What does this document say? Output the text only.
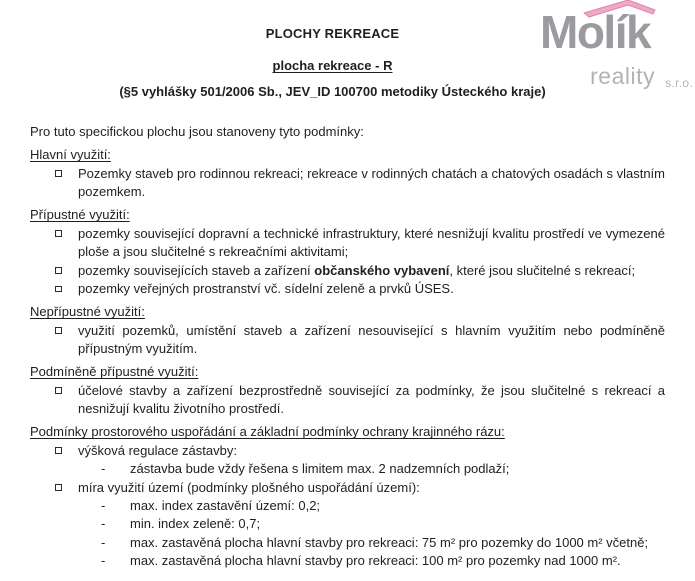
Molík
reality s.r.o.
PLOCHY REKREACE
plocha rekreace - R
(§5 vyhlášky 501/2006 Sb., JEV_ID 100700 metodiky Ústeckého kraje)

Pro tuto specifickou plochu jsou stanoveny tyto podmínky:

Hlavní využití:
Pozemky staveb pro rodinnou rekreaci; rekreace v rodinných chatách a chatových osadách s vlastním pozemkem.
Přípustné využití:
pozemky související dopravní a technické infrastruktury, které nesnižují kvalitu prostředí ve vymezené ploše a jsou slučitelné s rekreačními aktivitami;
pozemky souvisejících staveb a zařízení občanského vybavení, které jsou slučitelné s rekreací;
pozemky veřejných prostranství vč. sídelní zeleně a prvků ÚSES.
Nepřípustné využití:
využití pozemků, umístění staveb a zařízení nesouvisející s hlavním využitím nebo podmíněně přípustným využitím.
Podmíněně přípustné využití:
účelové stavby a zařízení bezprostředně související za podmínky, že jsou slučitelné s rekreací a nesnižují kvalitu životního prostředí.
Podmínky prostorového uspořádání a základní podmínky ochrany krajinného rázu:
výšková regulace zástavby:
- zástavba bude vždy řešena s limitem max. 2 nadzemních podlaží;
míra využití území (podmínky plošného uspořádání území):
- max. index zastavění území: 0,2;
- min. index zeleně: 0,7;
- max. zastavěná plocha hlavní stavby pro rekreaci: 75 m² pro pozemky do 1000 m² včetně;
- max. zastavěná plocha hlavní stavby pro rekreaci: 100 m² pro pozemky nad 1000 m².
